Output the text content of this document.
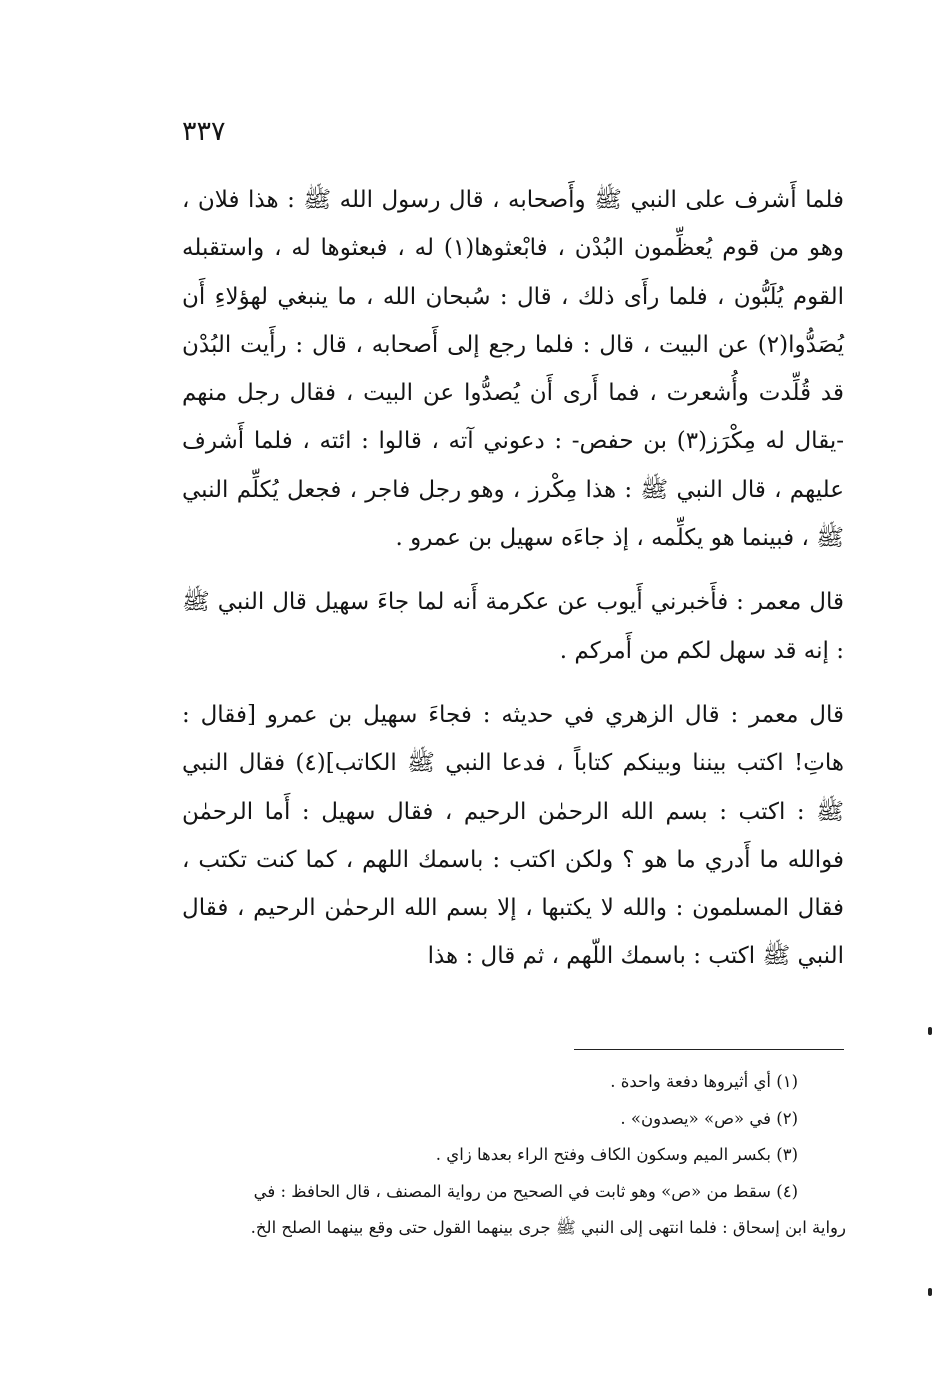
٣٣٧

فلما أَشرف على النبي ﷺ وأَصحابه ، قال رسول الله ﷺ : هذا فلان ، وهو من قوم يُعظِّمون البُدْن ، فابْعثوها(١) له ، فبعثوها له ، واستقبله القوم يُلَبُّون ، فلما رأَى ذلك ، قال : سُبحان الله ، ما ينبغي لهؤلاءِ أَن يُصَدُّوا(٢) عن البيت ، قال : فلما رجع إلى أَصحابه ، قال : رأَيت البُدْن قد قُلِّدت وأُشعرت ، فما أَرى أَن يُصدُّوا عن البيت ، فقال رجل منهم -يقال له مِكْرَز(٣) بن حفص- : دعوني آته ، قالوا : ائته ، فلما أَشرف عليهم ، قال النبي ﷺ : هذا مِكْرز ، وهو رجل فاجر ، فجعل يُكلِّم النبي ﷺ ، فبينما هو يكلِّمه ، إذ جاءَه سهيل بن عمرو .

قال معمر : فأَخبرني أَيوب عن عكرمة أَنه لما جاءَ سهيل قال النبي ﷺ : إنه قد سهل لكم من أَمركم .

قال معمر : قال الزهري في حديثه : فجاءَ سهيل بن عمرو [فقال : هاتِ! اكتب بيننا وبينكم كتاباً ، فدعا النبي ﷺ الكاتب](٤) فقال النبي ﷺ : اكتب : بسم الله الرحمٰن الرحيم ، فقال سهيل : أَما الرحمٰن فوالله ما أَدري ما هو ؟ ولكن اكتب : باسمك اللهم ، كما كنت تكتب ، فقال المسلمون : والله لا يكتبها ، إلا بسم الله الرحمٰن الرحيم ، فقال النبي ﷺ اكتب : باسمك اللّهم ، ثم قال : هذا

(١) أي أثيروها دفعة واحدة .

(٢) في «ص» «يصدون» .

(٣) بكسر الميم وسكون الكاف وفتح الراء بعدها زاي .

(٤) سقط من «ص» وهو ثابت في الصحيح من رواية المصنف ، قال الحافظ : في

رواية ابن إسحاق : فلما انتهى إلى النبي ﷺ جرى بينهما القول حتى وقع بينهما الصلح الخ.
